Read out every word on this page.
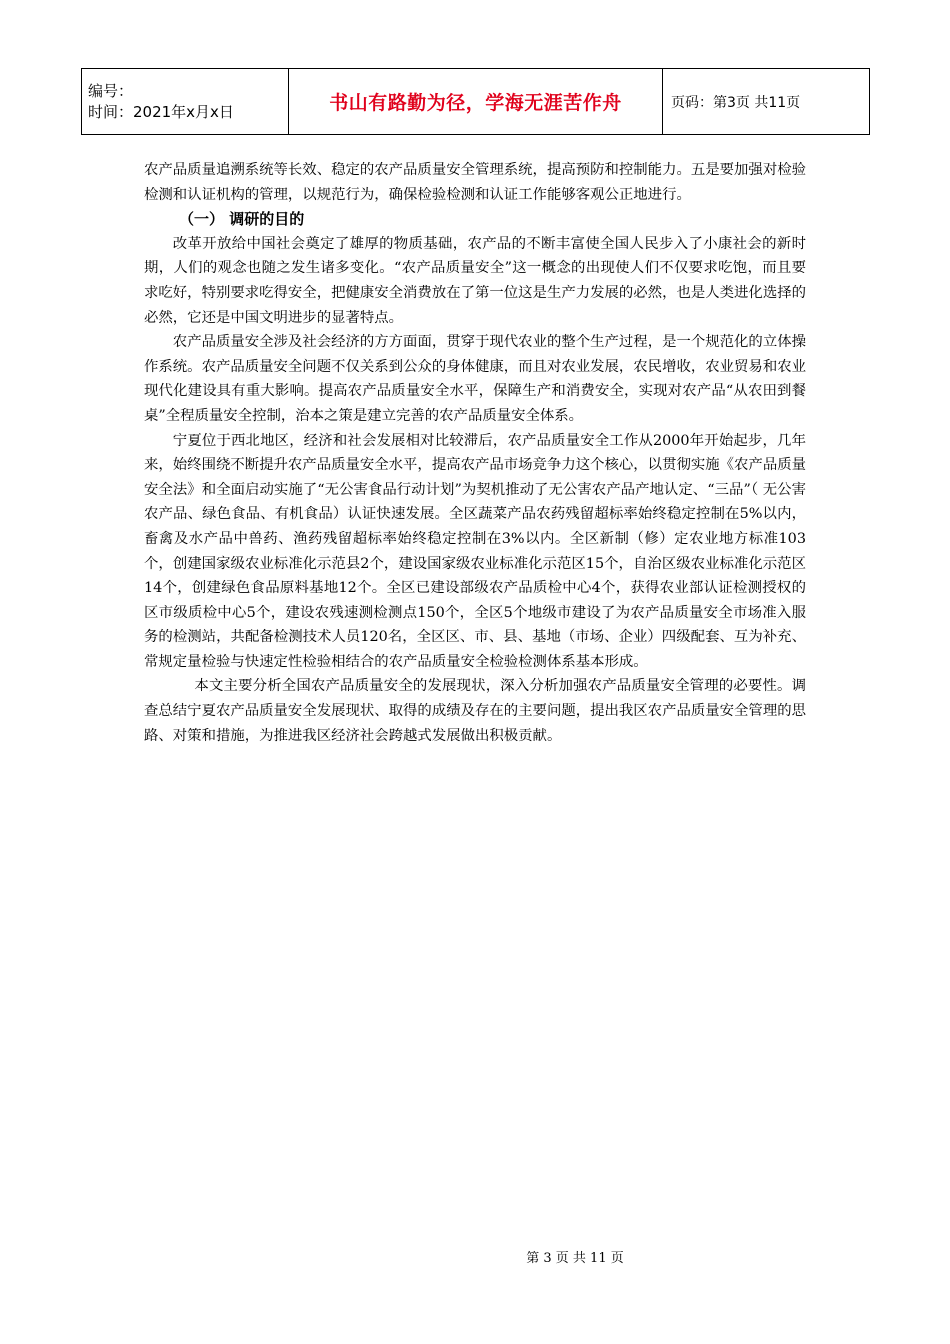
编号：
时间：2021年x月x日	书山有路勤为径，学海无涯苦作舟	页码：第3页 共11页

农产品质量追溯系统等长效、稳定的农产品质量安全管理系统，提高预防和控制能力。五是要加强对检验检测和认证机构的管理，以规范行为，确保检验检测和认证工作能够客观公正地进行。

（一） 调研的目的

改革开放给中国社会奠定了雄厚的物质基础，农产品的不断丰富使全国人民步入了小康社会的新时期，人们的观念也随之发生诸多变化。“农产品质量安全”这一概念的出现使人们不仅要求吃饱，而且要求吃好，特别要求吃得安全，把健康安全消费放在了第一位这是生产力发展的必然，也是人类进化选择的必然，它还是中国文明进步的显著特点。

农产品质量安全涉及社会经济的方方面面，贯穿于现代农业的整个生产过程，是一个规范化的立体操作系统。农产品质量安全问题不仅关系到公众的身体健康，而且对农业发展，农民增收，农业贸易和农业现代化建设具有重大影响。提高农产品质量安全水平，保障生产和消费安全，实现对农产品“从农田到餐桌”全程质量安全控制，治本之策是建立完善的农产品质量安全体系。

宁夏位于西北地区，经济和社会发展相对比较滞后，农产品质量安全工作从2000年开始起步，几年来，始终围绕不断提升农产品质量安全水平，提高农产品市场竞争力这个核心，以贯彻实施《农产品质量安全法》和全面启动实施了“无公害食品行动计划”为契机推动了无公害农产品产地认定、“三品”（ 无公害农产品、绿色食品、有机食品）认证快速发展。全区蔬菜产品农药残留超标率始终稳定控制在5%以内，畜禽及水产品中兽药、渔药残留超标率始终稳定控制在3%以内。全区新制（修）定农业地方标准103个，创建国家级农业标准化示范县2个，建设国家级农业标准化示范区15个，自治区级农业标准化示范区14个，创建绿色食品原料基地12个。全区已建设部级农产品质检中心4个，获得农业部认证检测授权的区市级质检中心5个，建设农残速测检测点150个，全区5个地级市建设了为农产品质量安全市场准入服务的检测站，共配备检测技术人员120名，全区区、市、县、基地（市场、企业）四级配套、互为补充、常规定量检验与快速定性检验相结合的农产品质量安全检验检测体系基本形成。

本文主要分析全国农产品质量安全的发展现状，深入分析加强农产品质量安全管理的必要性。调查总结宁夏农产品质量安全发展现状、取得的成绩及存在的主要问题，提出我区农产品质量安全管理的思路、对策和措施，为推进我区经济社会跨越式发展做出积极贡献。

第 3 页 共 11 页
